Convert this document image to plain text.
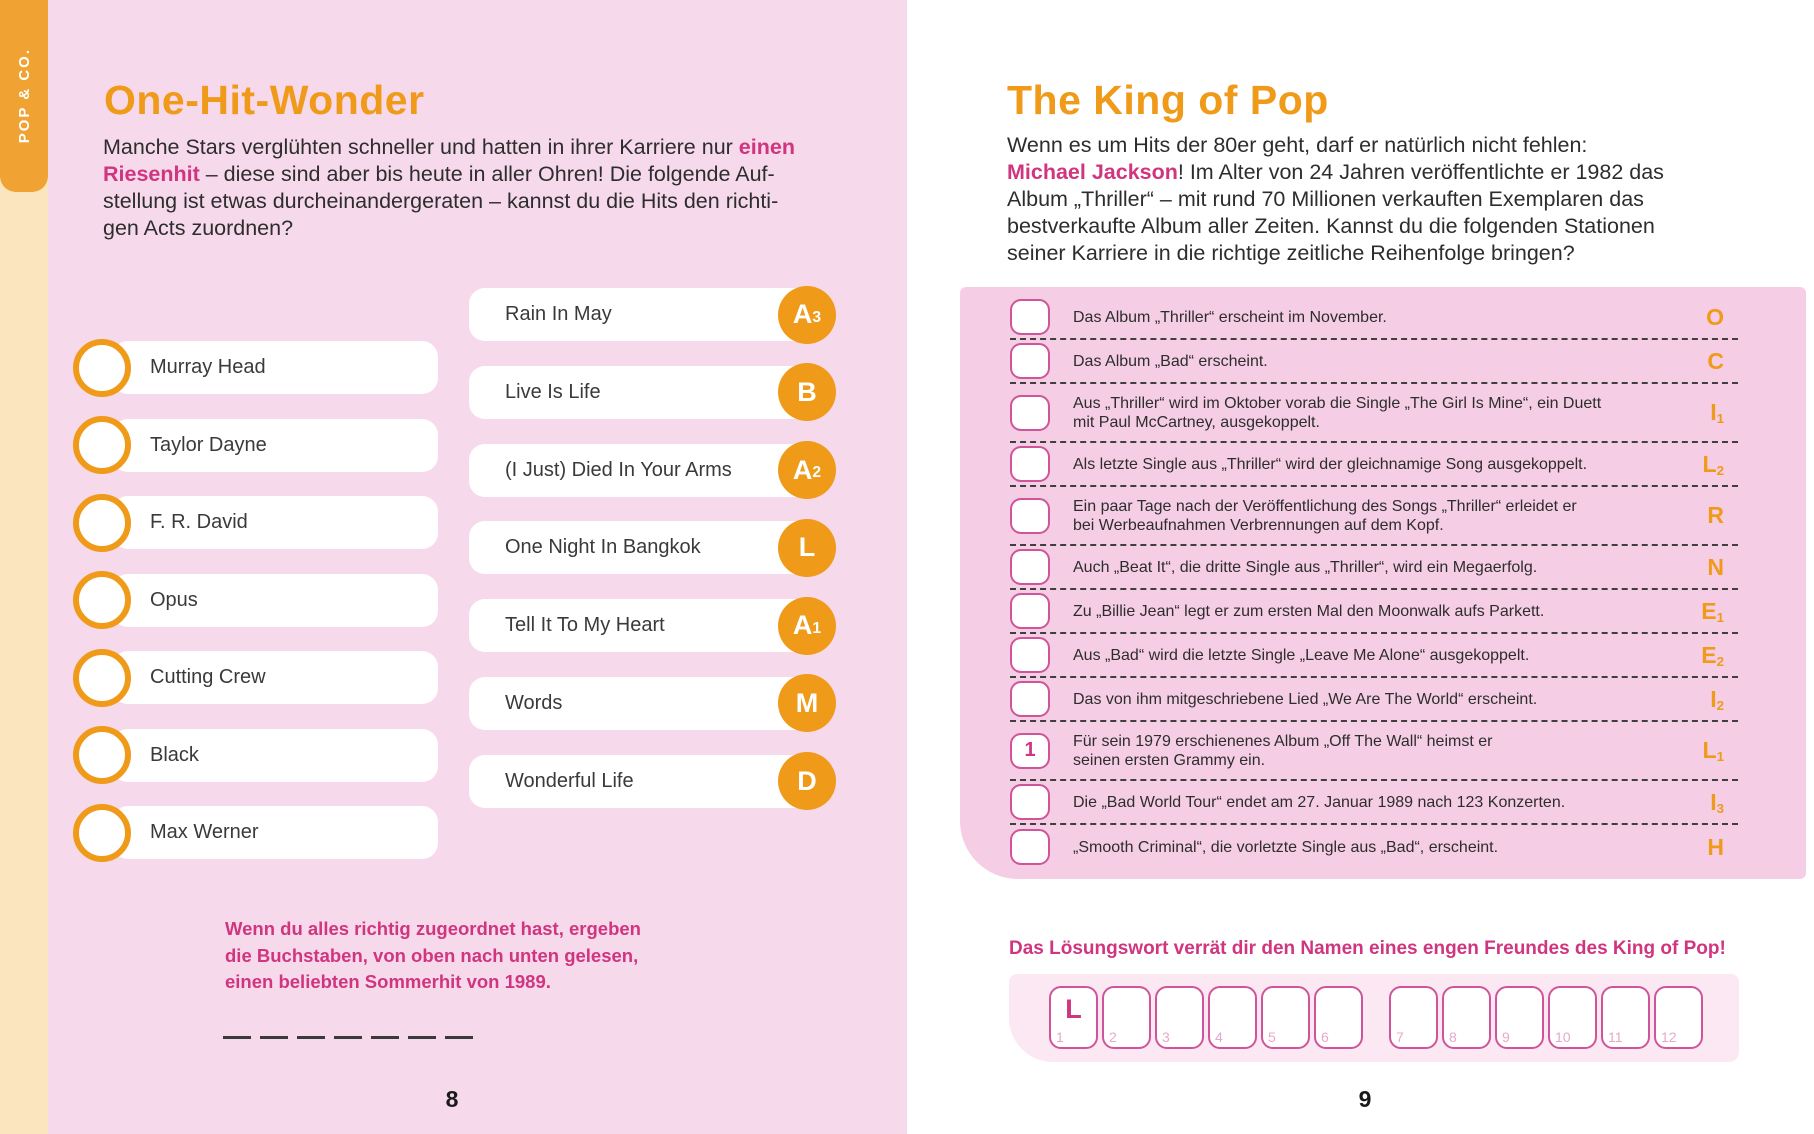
POP & CO. One-Hit-Wonder
Manche Stars verglühten schneller und hatten in ihrer Karriere nur einen
Riesenhit – diese sind aber bis heute in aller Ohren! Die folgende Auf-
stellung ist etwas durcheinandergeraten – kannst du die Hits den richti-
gen Acts zuordnen?
Murray Head
Taylor Dayne
F. R. David
Opus
Cutting Crew
Black
Max Werner
Rain In May	A 3
Live Is Life	B
(I Just) Died In Your Arms	A 2
One Night In Bangkok	L
Tell It To My Heart	A 1
Words	M
Wonderful Life	D
Wenn du alles richtig zugeordnet hast, ergeben
die Buchstaben, von oben nach unten gelesen,
einen beliebten Sommerhit von 1989.
8
The King of Pop
Wenn es um Hits der 80er geht, darf er natürlich nicht fehlen:
Michael Jackson! Im Alter von 24 Jahren veröffentlichte er 1982 das
Album „Thriller“ – mit rund 70 Millionen verkauften Exemplaren das
bestverkaufte Album aller Zeiten. Kannst du die folgenden Stationen
seiner Karriere in die richtige zeitliche Reihenfolge bringen?
Das Album „Thriller“ erscheint im November.	O
Das Album „Bad“ erscheint.	C
Aus „Thriller“ wird im Oktober vorab die Single „The Girl Is Mine“, ein Duett
mit Paul McCartney, ausgekoppelt.	I1
Als letzte Single aus „Thriller“ wird der gleichnamige Song ausgekoppelt.	L2
Ein paar Tage nach der Veröffentlichung des Songs „Thriller“ erleidet er
bei Werbeaufnahmen Verbrennungen auf dem Kopf.	R
Auch „Beat It“, die dritte Single aus „Thriller“, wird ein Megaerfolg.	N
Zu „Billie Jean“ legt er zum ersten Mal den Moonwalk aufs Parkett.	E1
Aus „Bad“ wird die letzte Single „Leave Me Alone“ ausgekoppelt.	E2
Das von ihm mitgeschriebene Lied „We Are The World“ erscheint.	I2
1	Für sein 1979 erschienenes Album „Off The Wall“ heimst er
seinen ersten Grammy ein.	L1
Die „Bad World Tour“ endet am 27. Januar 1989 nach 123 Konzerten.	I3
„Smooth Criminal“, die vorletzte Single aus „Bad“, erscheint.	H
Das Lösungswort verrät dir den Namen eines engen Freundes des King of Pop!
1
L
2	3	4	5	6	7	8	9	10	11	12
9
